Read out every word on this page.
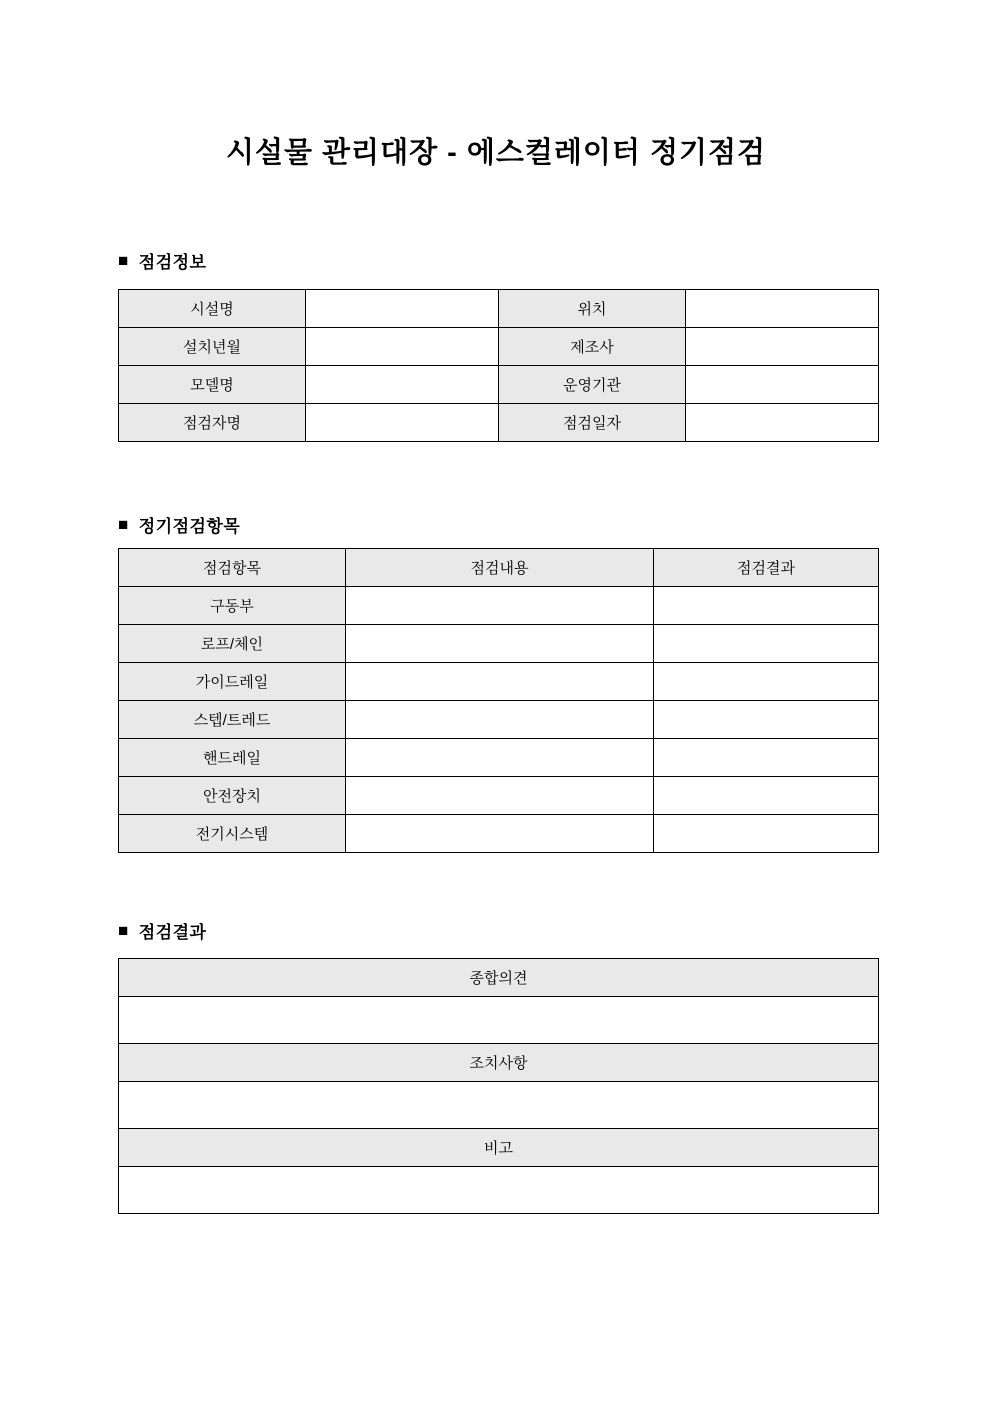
시설물 관리대장 - 에스컬레이터 정기점검
■ 점검정보
시설명		위치	
설치년월		제조사	
모델명		운영기관	
점검자명		점검일자	
■ 정기점검항목
점검항목	점검내용	점검결과
구동부		
로프/체인		
가이드레일		
스텝/트레드		
핸드레일		
안전장치		
전기시스템		
■ 점검결과
종합의견

조치사항

비고
